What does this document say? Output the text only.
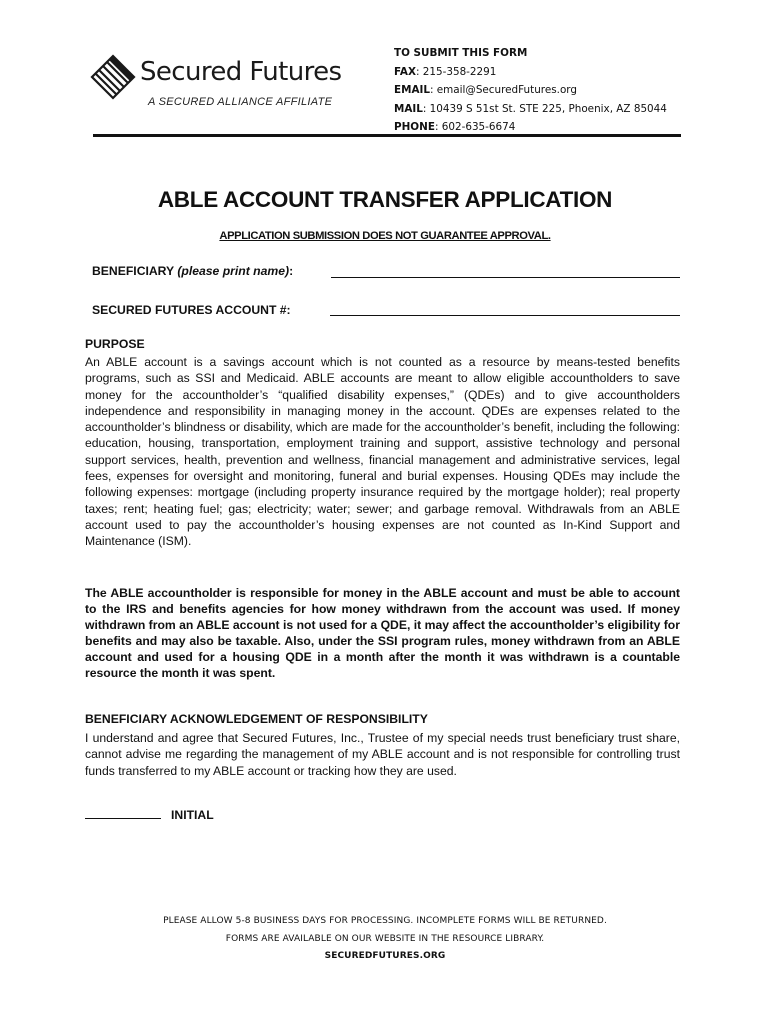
Secured Futures
A SECURED ALLIANCE AFFILIATE
TO SUBMIT THIS FORM
FAX: 215-358-2291
EMAIL: email@SecuredFutures.org
MAIL: 10439 S 51st St. STE 225, Phoenix, AZ 85044
PHONE: 602-635-6674
ABLE ACCOUNT TRANSFER APPLICATION
APPLICATION SUBMISSION DOES NOT GUARANTEE APPROVAL.
BENEFICIARY (please print name):
SECURED FUTURES ACCOUNT #:
PURPOSE
An ABLE account is a savings account which is not counted as a resource by means-tested benefits programs, such as SSI and Medicaid. ABLE accounts are meant to allow eligible accountholders to save money for the accountholder’s “qualified disability expenses,” (QDEs) and to give accountholders independence and responsibility in managing money in the account. QDEs are expenses related to the accountholder’s blindness or disability, which are made for the accountholder’s benefit, including the following: education, housing, transportation, employment training and support, assistive technology and personal support services, health, prevention and wellness, financial management and administrative services, legal fees, expenses for oversight and monitoring, funeral and burial expenses. Housing QDEs may include the following expenses: mortgage (including property insurance required by the mortgage holder); real property taxes; rent; heating fuel; gas; electricity; water; sewer; and garbage removal. Withdrawals from an ABLE account used to pay the accountholder’s housing expenses are not counted as In-Kind Support and Maintenance (ISM).
The ABLE accountholder is responsible for money in the ABLE account and must be able to account to the IRS and benefits agencies for how money withdrawn from the account was used. If money withdrawn from an ABLE account is not used for a QDE, it may affect the accountholder’s eligibility for benefits and may also be taxable. Also, under the SSI program rules, money withdrawn from an ABLE account and used for a housing QDE in a month after the month it was withdrawn is a countable resource the month it was spent.
BENEFICIARY ACKNOWLEDGEMENT OF RESPONSIBILITY
I understand and agree that Secured Futures, Inc., Trustee of my special needs trust beneficiary trust share, cannot advise me regarding the management of my ABLE account and is not responsible for controlling trust funds transferred to my ABLE account or tracking how they are used.
INITIAL
PLEASE ALLOW 5-8 BUSINESS DAYS FOR PROCESSING. INCOMPLETE FORMS WILL BE RETURNED.
FORMS ARE AVAILABLE ON OUR WEBSITE IN THE RESOURCE LIBRARY.
SECUREDFUTURES.ORG
